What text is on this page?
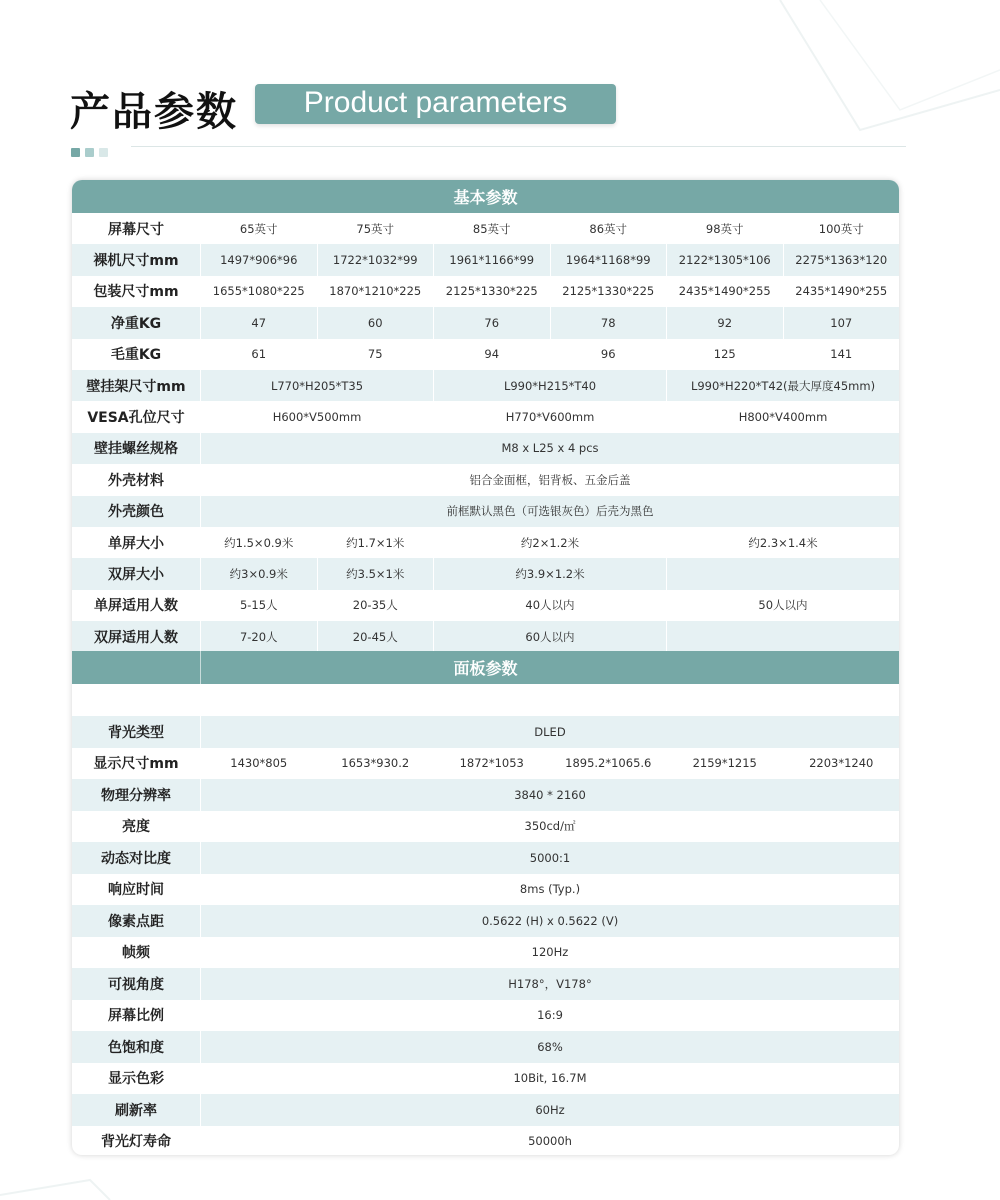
产品参数	Product parameters
基本参数
屏幕尺寸	65英寸	75英寸	85英寸	86英寸	98英寸	100英寸
裸机尺寸mm	1497*906*96	1722*1032*99	1961*1166*99	1964*1168*99	2122*1305*106	2275*1363*120
包装尺寸mm	1655*1080*225	1870*1210*225	2125*1330*225	2125*1330*225	2435*1490*255	2435*1490*255
净重KG	47	60	76	78	92	107
毛重KG	61	75	94	96	125	141
壁挂架尺寸mm	L770*H205*T35	L990*H215*T40	L990*H220*T42(最大厚度45mm)
VESA孔位尺寸	H600*V500mm	H770*V600mm	H800*V400mm
壁挂螺丝规格	M8 x L25 x 4 pcs
外壳材料	铝合金面框，铝背板、五金后盖
外壳颜色	前框默认黑色（可选银灰色）后壳为黑色
单屏大小	约1.5×0.9米	约1.7×1米	约2×1.2米	约2.3×1.4米
双屏大小	约3×0.9米	约3.5×1米	约3.9×1.2米
单屏适用人数	5-15人	20-35人	40人以内	50人以内
双屏适用人数	7-20人	20-45人	60人以内
面板参数
背光类型	DLED
显示尺寸mm	1430*805	1653*930.2	1872*1053	1895.2*1065.6	2159*1215	2203*1240
物理分辨率	3840 * 2160
亮度	350cd/㎡
动态对比度	5000:1
响应时间	8ms (Typ.)
像素点距	0.5622 (H) x 0.5622 (V)
帧频	120Hz
可视角度	H178°，V178°
屏幕比例	16:9
色饱和度	68%
显示色彩	10Bit, 16.7M
刷新率	60Hz
背光灯寿命	50000h
